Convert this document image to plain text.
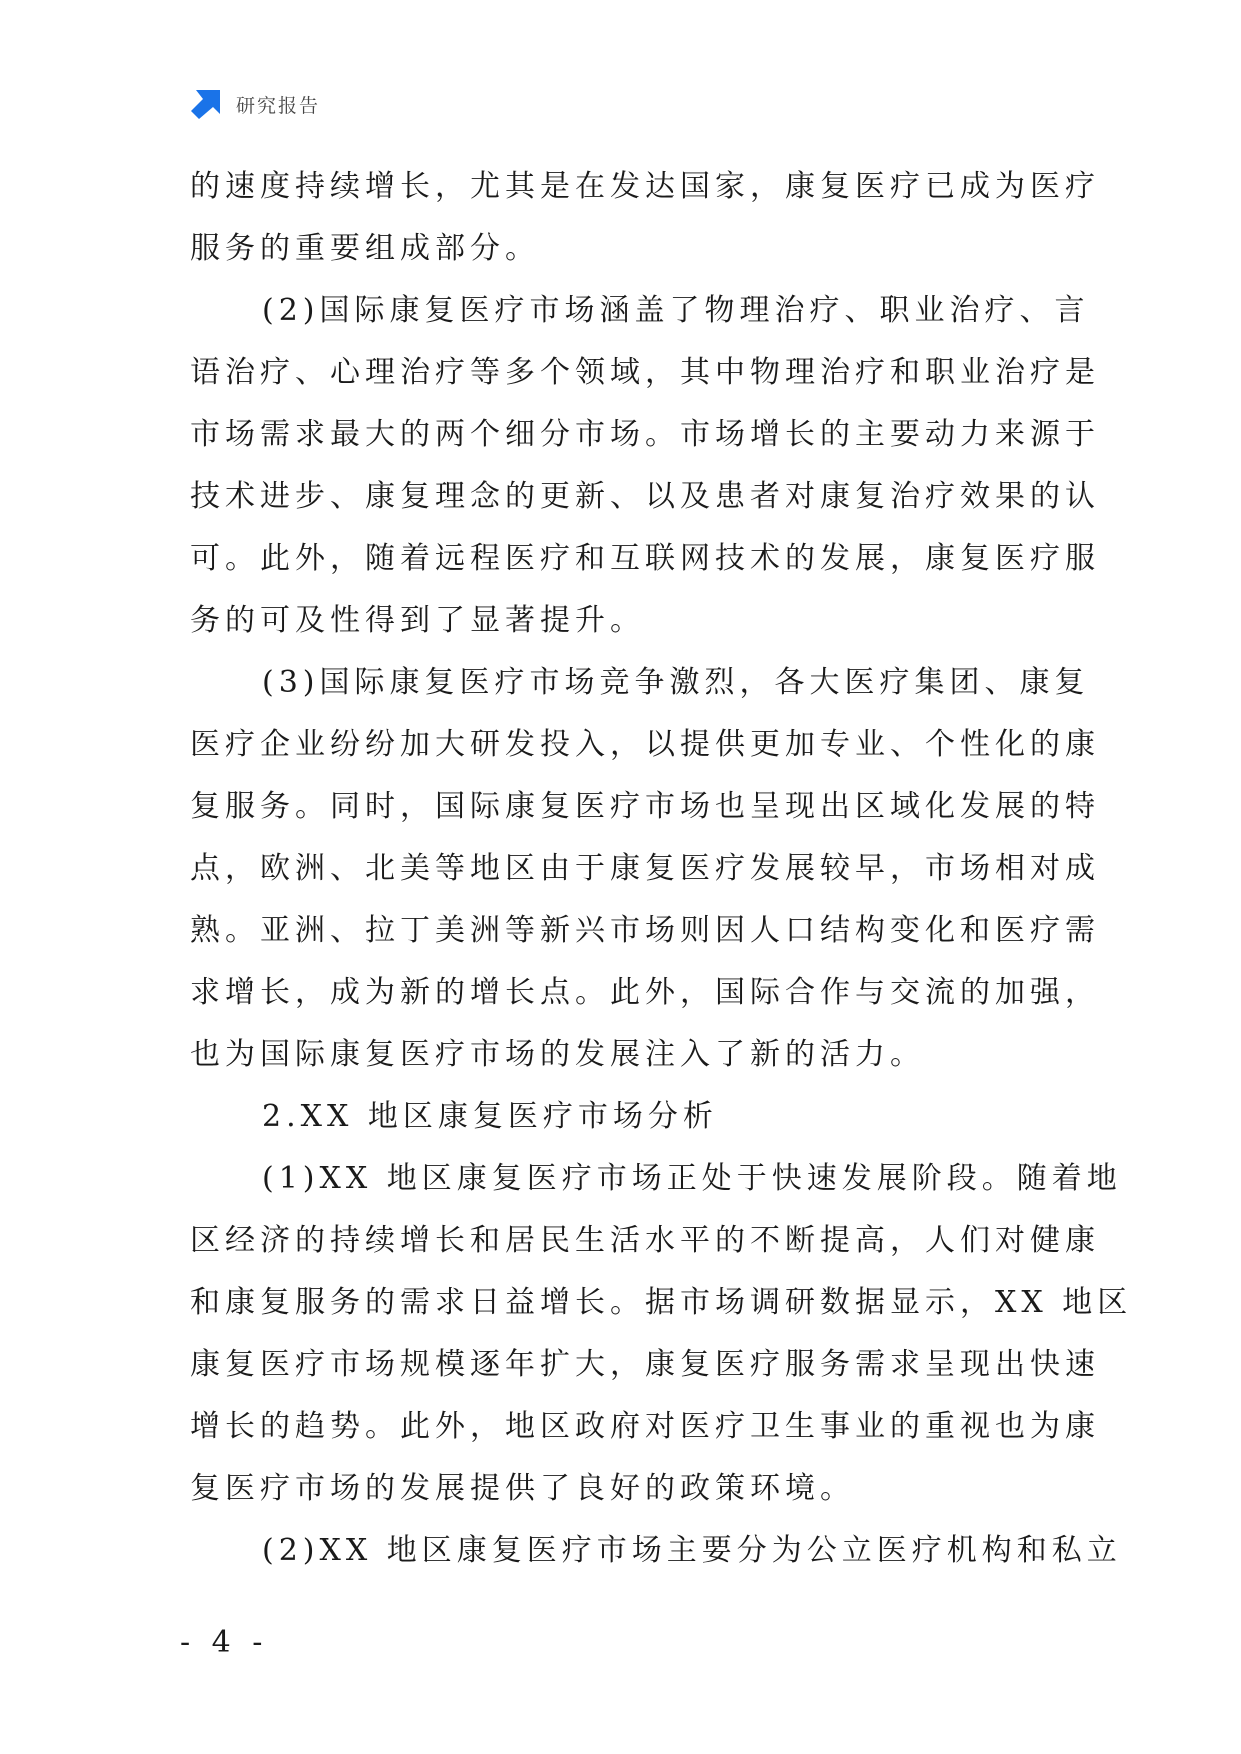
研究报告
的速度持续增长，尤其是在发达国家，康复医疗已成为医疗
服务的重要组成部分。
(2)国际康复医疗市场涵盖了物理治疗、职业治疗、言
语治疗、心理治疗等多个领域，其中物理治疗和职业治疗是
市场需求最大的两个细分市场。市场增长的主要动力来源于
技术进步、康复理念的更新、以及患者对康复治疗效果的认
可。此外，随着远程医疗和互联网技术的发展，康复医疗服
务的可及性得到了显著提升。
(3)国际康复医疗市场竞争激烈，各大医疗集团、康复
医疗企业纷纷加大研发投入，以提供更加专业、个性化的康
复服务。同时，国际康复医疗市场也呈现出区域化发展的特
点，欧洲、北美等地区由于康复医疗发展较早，市场相对成
熟。亚洲、拉丁美洲等新兴市场则因人口结构变化和医疗需
求增长，成为新的增长点。此外，国际合作与交流的加强，
也为国际康复医疗市场的发展注入了新的活力。
2.XX 地区康复医疗市场分析
(1)XX 地区康复医疗市场正处于快速发展阶段。随着地
区经济的持续增长和居民生活水平的不断提高，人们对健康
和康复服务的需求日益增长。据市场调研数据显示，XX 地区
康复医疗市场规模逐年扩大，康复医疗服务需求呈现出快速
增长的趋势。此外，地区政府对医疗卫生事业的重视也为康
复医疗市场的发展提供了良好的政策环境。
(2)XX 地区康复医疗市场主要分为公立医疗机构和私立
- 4 -
